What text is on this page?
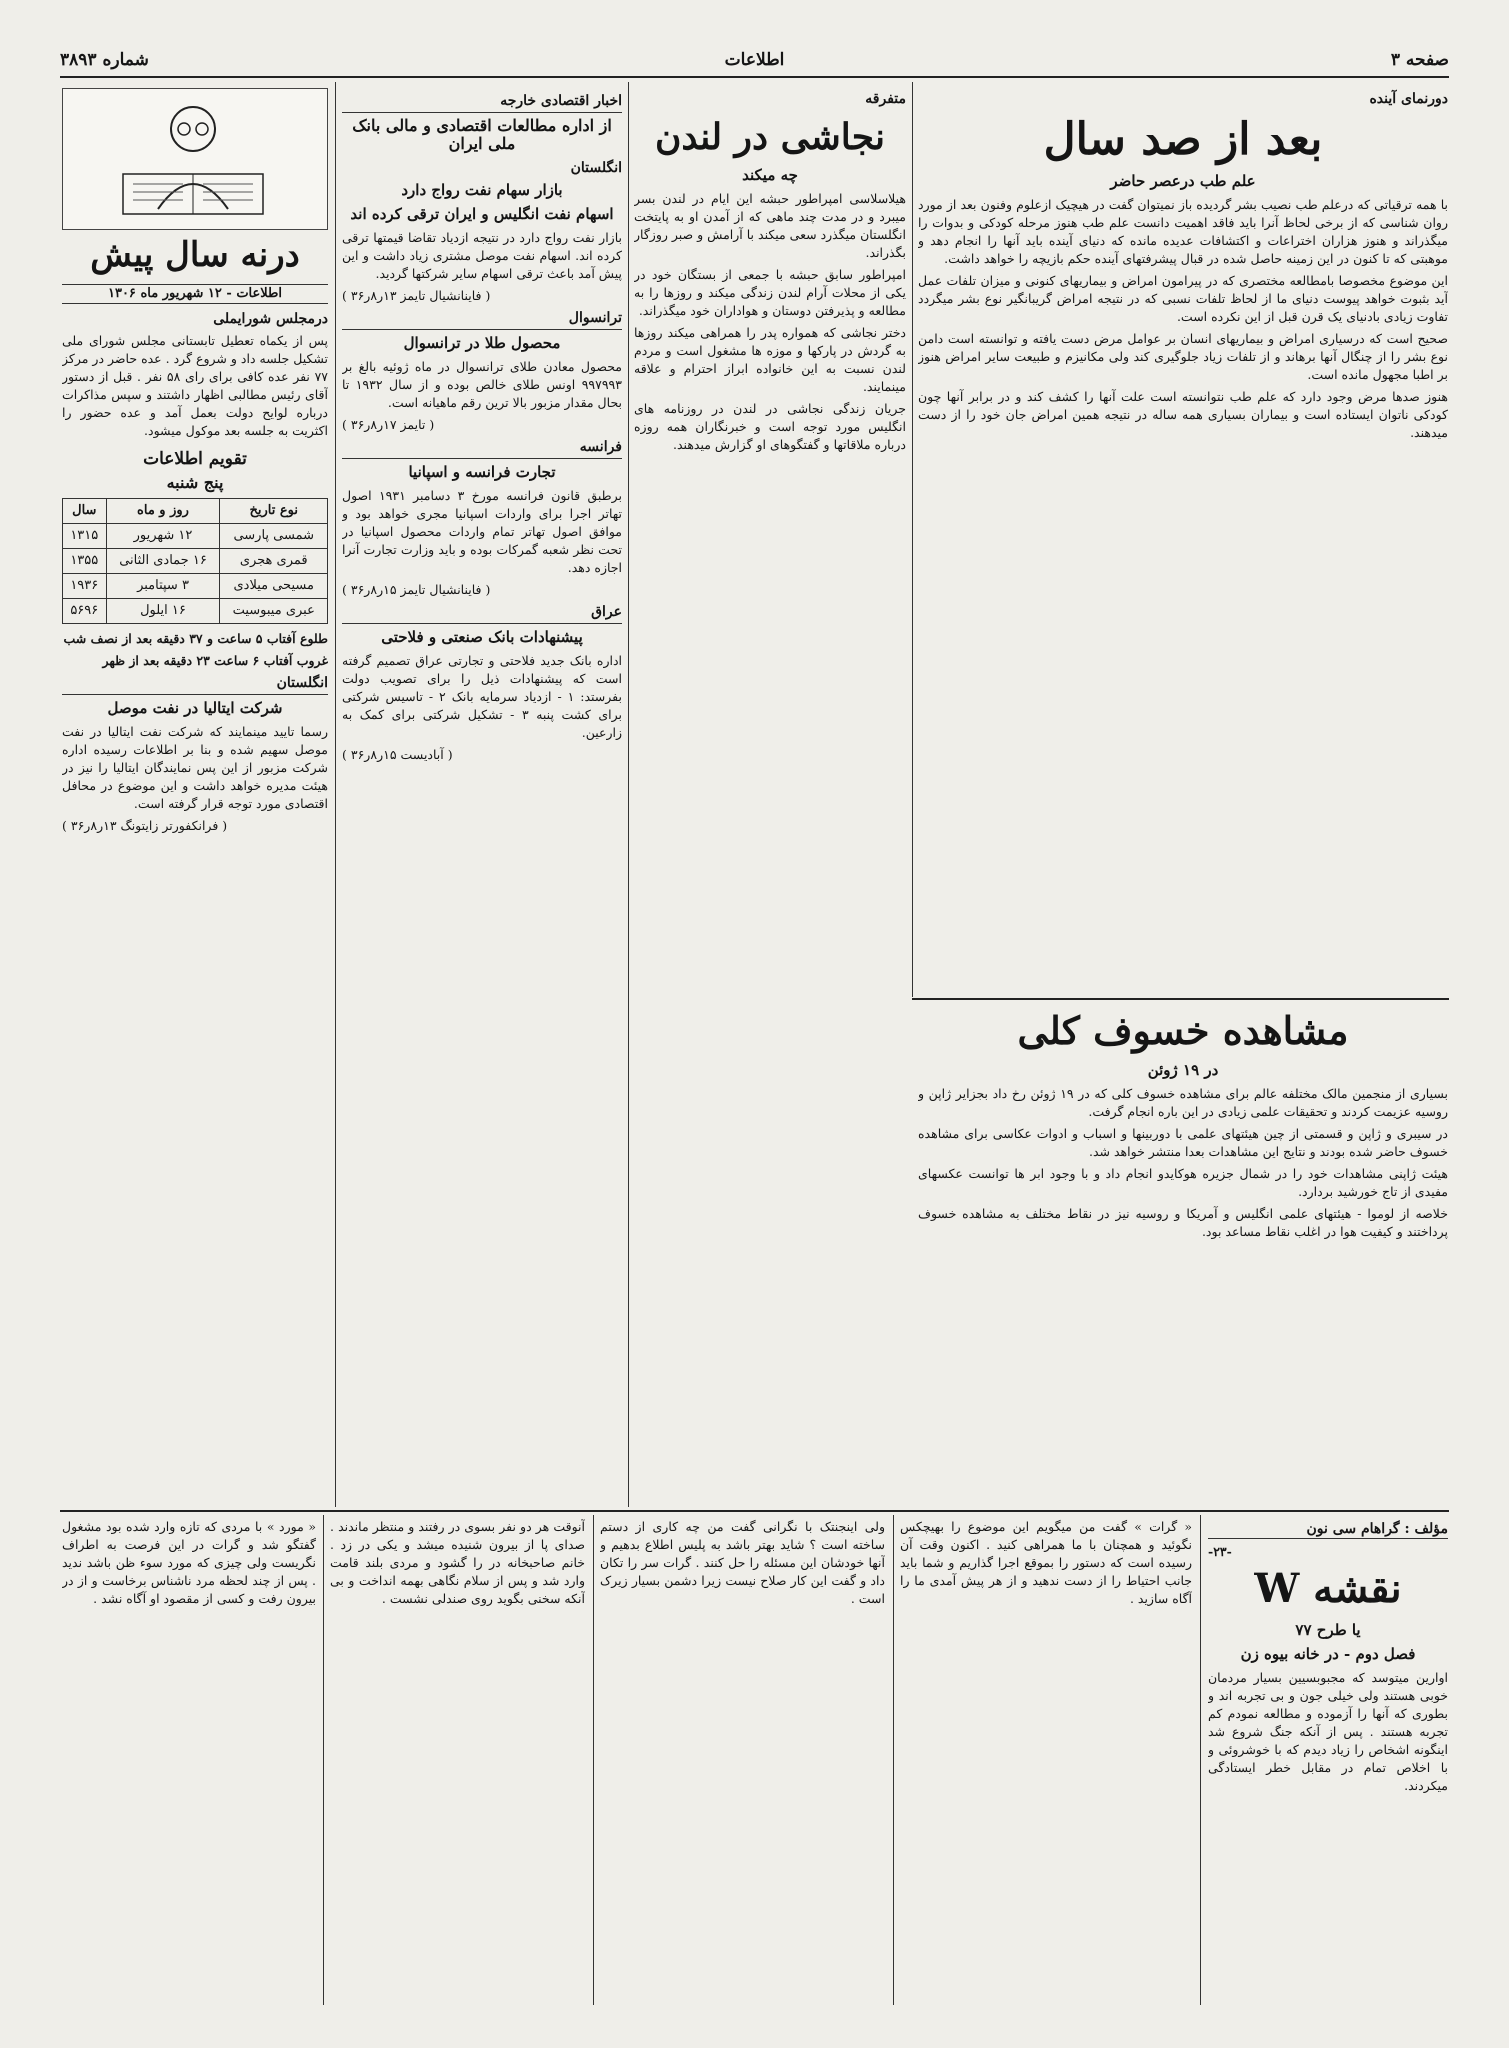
صفحه ۳
اطلاعات
شماره ۳۸۹۳
دورنمای آینده
بعد از صد سال
علم طب درعصر حاضر

با همه ترقیاتی که درعلم طب نصیب بشر گردیده باز نمیتوان گفت در هیچیک ازعلوم وفنون بعد از مورد روان شناسی که از برخی لحاظ آنرا باید فاقد اهمیت دانست علم طب هنوز مرحله کودکی و بدوات را میگذراند و هنوز هزاران اختراعات و اکتشافات عدیده مانده که دنیای آینده باید آنها را انجام دهد و موهبتی که تا کنون در این زمینه حاصل شده در قبال پیشرفتهای آینده حکم بازیچه را خواهد داشت.

این موضوع مخصوصا بامطالعه مختصری که در پیرامون امراض و بیماریهای کنونی و میزان تلفات عمل آید بثبوت خواهد پیوست دنیای ما از لحاظ تلفات نسبی که در نتیجه امراض گریبانگیر نوع بشر میگردد تفاوت زیادی بادنیای یک قرن قبل از این نکرده است.

صحیح است که درسیاری امراض و بیماریهای انسان بر عوامل مرض دست یافته و توانسته است دامن نوع بشر را از چنگال آنها برهاند و از تلفات زیاد جلوگیری کند ولی مکانیزم و طبیعت سایر امراض هنوز بر اطبا مجهول مانده است.

هنوز صدها مرض وجود دارد که علم طب نتوانسته است علت آنها را کشف کند و در برابر آنها چون کودکی ناتوان ایستاده است و بیماران بسیاری همه ساله در نتیجه همین امراض جان خود را از دست میدهند.

متفرقه
نجاشی در لندن
چه میکند

هیلاسلاسی امپراطور حبشه این ایام در لندن بسر میبرد و در مدت چند ماهی که از آمدن او به پایتخت انگلستان میگذرد سعی میکند با آرامش و صبر روزگار بگذراند.

امپراطور سابق حبشه با جمعی از بستگان خود در یکی از محلات آرام لندن زندگی میکند و روزها را به مطالعه و پذیرفتن دوستان و هواداران خود میگذراند.

دختر نجاشی که همواره پدر را همراهی میکند روزها به گردش در پارکها و موزه ها مشغول است و مردم لندن نسبت به این خانواده ابراز احترام و علاقه مینمایند.

جریان زندگی نجاشی در لندن در روزنامه های انگلیس مورد توجه است و خبرنگاران همه روزه درباره ملاقاتها و گفتگوهای او گزارش میدهند.

مشاهده خسوف کلی
در ۱۹ ژوئن

بسیاری از منجمین مالک مختلفه عالم برای مشاهده خسوف کلی که در ۱۹ ژوئن رخ داد بجزایر ژاپن و روسیه عزیمت کردند و تحقیقات علمی زیادی در این باره انجام گرفت.

در سیبری و ژاپن و قسمتی از چین هیئتهای علمی با دوربینها و اسباب و ادوات عکاسی برای مشاهده خسوف حاضر شده بودند و نتایج این مشاهدات بعدا منتشر خواهد شد.

هیئت ژاپنی مشاهدات خود را در شمال جزیره هوکایدو انجام داد و با وجود ابر ها توانست عکسهای مفیدی از تاج خورشید بردارد.

خلاصه از لوموا - هیئتهای علمی انگلیس و آمریکا و روسیه نیز در نقاط مختلف به مشاهده خسوف پرداختند و کیفیت هوا در اغلب نقاط مساعد بود.

اخبار اقتصادی خارجه
از اداره مطالعات اقتصادی و مالی بانک ملی ایران
انگلستان
بازار سهام نفت رواج دارد
اسهام نفت انگلیس و ایران ترقی کرده اند

بازار نفت رواج دارد در نتیجه ازدیاد تقاضا قیمتها ترقی کرده اند. اسهام نفت موصل مشتری زیاد داشت و این پیش آمد باعث ترقی اسهام سایر شرکتها گردید.

( فاینانشیال تایمز ۱۳ر۸ر۳۶ )

ترانسوال
محصول طلا در ترانسوال

محصول معادن طلای ترانسوال در ماه ژوئیه بالغ بر ۹۹۷۹۹۳ اونس طلای خالص بوده و از سال ۱۹۳۲ تا بحال مقدار مزبور بالا ترین رقم ماهیانه است.

( تایمز ۱۷ر۸ر۳۶ )

فرانسه
تجارت فرانسه و اسپانیا

برطبق قانون فرانسه مورخ ۳ دسامبر ۱۹۳۱ اصول تهاتر اجرا برای واردات اسپانیا مجری خواهد بود و موافق اصول تهاتر تمام واردات محصول اسپانیا در تحت نظر شعبه گمرکات بوده و باید وزارت تجارت آنرا اجازه دهد.

( فاینانشیال تایمز ۱۵ر۸ر۳۶ )

عراق
پیشنهادات بانک صنعتی و فلاحتی

اداره بانک جدید فلاحتی و تجارتی عراق تصمیم گرفته است که پیشنهادات ذیل را برای تصویب دولت بفرستد: ۱ - ازدیاد سرمایه بانک ۲ - تاسیس شرکتی برای کشت پنبه ۳ - تشکیل شرکتی برای کمک به زارعین.

( آبادیست ۱۵ر۸ر۳۶ )

درنه سال پیش
اطلاعات - ۱۲ شهریور ماه ۱۳۰۶
درمجلس شورایملی

پس از یکماه تعطیل تابستانی مجلس شورای ملی تشکیل جلسه داد و شروع گرد . عده حاضر در مرکز ۷۷ نفر عده کافی برای رای ۵۸ نفر . قبل از دستور آقای رئیس مطالبی اظهار داشتند و سپس مذاکرات درباره لوایح دولت بعمل آمد و عده حضور را اکثریت به جلسه بعد موکول میشود.

تقویم اطلاعات
پنج شنبه
نوع تاریخ	روز و ماه	سال
شمسی پارسی	۱۲ شهریور	۱۳۱۵
قمری هجری	۱۶ جمادی الثانی	۱۳۵۵
مسیحی میلادی	۳ سپتامبر	۱۹۳۶
عبری میبوسیت	۱۶ ایلول	۵۶۹۶

طلوع آفتاب ۵ ساعت و ۳۷ دقیقه بعد از نصف شب

غروب آفتاب ۶ ساعت ۲۳ دقیقه بعد از ظهر

انگلستان
شرکت ایتالیا در نفت موصل

رسما تایید مینمایند که شرکت نفت ایتالیا در نفت موصل سهیم شده و بنا بر اطلاعات رسیده اداره شرکت مزبور از این پس نمایندگان ایتالیا را نیز در هیئت مدیره خواهد داشت و این موضوع در محافل اقتصادی مورد توجه قرار گرفته است.

( فرانکفورتر زایتونگ ۱۳ر۸ر۳۶ )

مؤلف : گراهام سی نون
-۲۳-
نقشه W
یا طرح ۷۷
فصل دوم - در خانه بیوه زن

اوارین میتوسد که مجبوبسیین بسیار مردمان خوبی هستند ولی خیلی جون و بی تجربه اند و بطوری که آنها را آزموده و مطالعه نمودم کم تجربه هستند . پس از آنکه جنگ شروع شد اینگونه اشخاص را زیاد دیدم که با خوشروئی و با اخلاص تمام در مقابل خطر ایستادگی میکردند.

« گرات » گفت من میگویم این موضوع را بهیچکس نگوئید و همچنان با ما همراهی کنید . اکنون وقت آن رسیده است که دستور را بموقع اجرا گذاریم و شما باید جانب احتیاط را از دست ندهید و از هر پیش آمدی ما را آگاه سازید .

ولی اینجنتک با نگرانی گفت من چه کاری از دستم ساخته است ؟ شاید بهتر باشد به پلیس اطلاع بدهیم و آنها خودشان این مسئله را حل کنند . گرات سر را تکان داد و گفت این کار صلاح نیست زیرا دشمن بسیار زیرک است .

آنوقت هر دو نفر بسوی در رفتند و منتظر ماندند . صدای پا از بیرون شنیده میشد و یکی در زد . خانم صاحبخانه در را گشود و مردی بلند قامت وارد شد و پس از سلام نگاهی بهمه انداخت و بی آنکه سخنی بگوید روی صندلی نشست .

« مورد » با مردی که تازه وارد شده بود مشغول گفتگو شد و گرات در این فرصت به اطراف نگریست ولی چیزی که مورد سوء ظن باشد ندید . پس از چند لحظه مرد ناشناس برخاست و از در بیرون رفت و کسی از مقصود او آگاه نشد .
